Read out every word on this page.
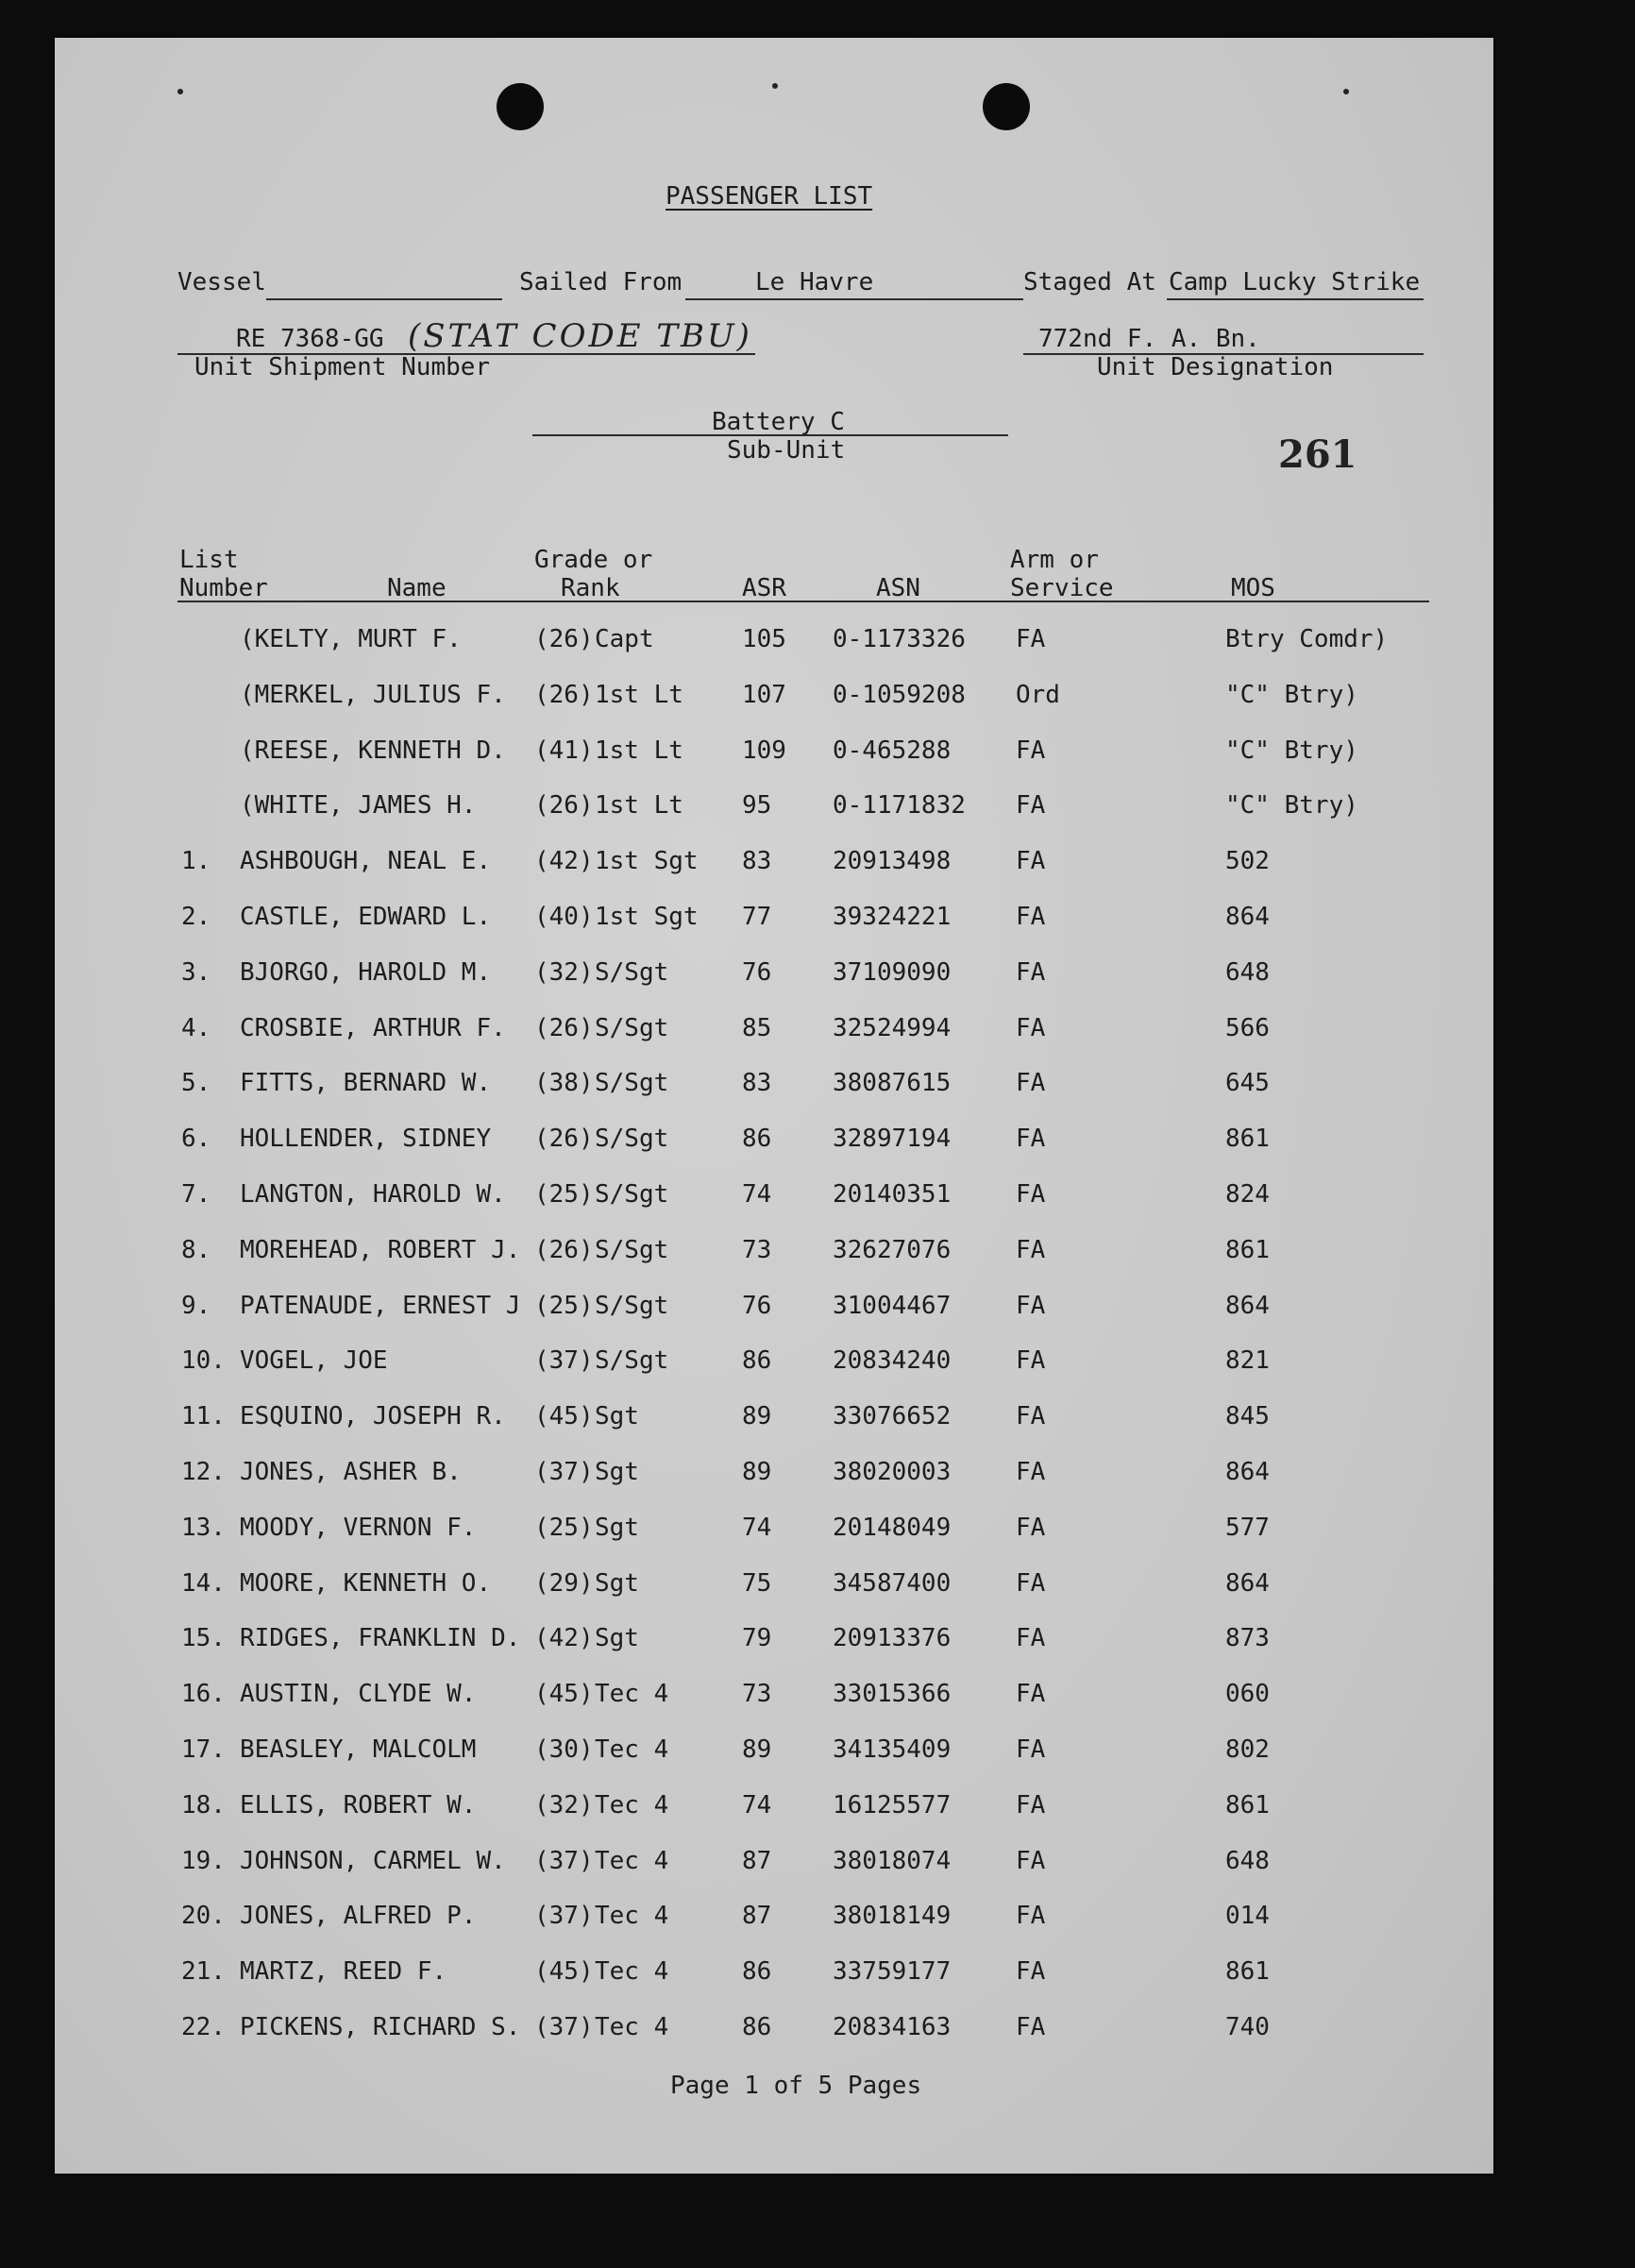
PASSENGER LIST
Vessel	Sailed From	Le Havre	Staged At Camp Lucky Strike
RE 7368-GG (STAT CODE TBU)
Unit Shipment Number
772nd F. A. Bn.
Unit Designation
Battery C
Sub-Unit	261
List
Number	Name
Grade or
Rank	ASR	ASN
Arm or
Service	MOS
(KELTY, MURT F.	(26) Capt	105 0-1173326 FA	Btry Comdr)
(MERKEL, JULIUS F. (26) 1st Lt 107 0-1059208 Ord	"C" Btry)
(REESE, KENNETH D. (41) 1st Lt 109 0-465288	FA	"C" Btry)
(WHITE, JAMES H. (26) 1st Lt 95 0-1171832 FA	"C" Btry)
1. ASHBOUGH, NEAL E. (42) 1st Sgt 83 20913498	FA	502
2. CASTLE, EDWARD L. (40) 1st Sgt 77 39324221	FA	864
3. BJORGO, HAROLD M. (32) S/Sgt	76 37109090	FA	648
4. CROSBIE, ARTHUR F. (26) S/Sgt	85 32524994	FA	566
5. FITTS, BERNARD W. (38) S/Sgt	83 38087615	FA	645
6. HOLLENDER, SIDNEY (26) S/Sgt	86 32897194	FA	861
7. LANGTON, HAROLD W. (25) S/Sgt	74 20140351	FA	824
8. MOREHEAD, ROBERT J. (26) S/Sgt	73 32627076	FA	861
9. PATENAUDE, ERNEST J (25) S/Sgt	76 31004467	FA	864
10. VOGEL, JOE	(37) S/Sgt	86 20834240	FA	821
11. ESQUINO, JOSEPH R. (45) Sgt	89 33076652	FA	845
12. JONES, ASHER B.	(37) Sgt	89 38020003	FA	864
13. MOODY, VERNON F. (25) Sgt	74 20148049	FA	577
14. MOORE, KENNETH O. (29) Sgt	75 34587400	FA	864
15. RIDGES, FRANKLIN D. (42) Sgt	79 20913376	FA	873
16. AUSTIN, CLYDE W. (45) Tec 4	73 33015366	FA	060
17. BEASLEY, MALCOLM (30) Tec 4	89 34135409	FA	802
18. ELLIS, ROBERT W. (32) Tec 4	74 16125577	FA	861
19. JOHNSON, CARMEL W. (37) Tec 4	87 38018074	FA	648
20. JONES, ALFRED P. (37) Tec 4	87 38018149	FA	014
21. MARTZ, REED F.	(45) Tec 4	86 33759177	FA	861
22. PICKENS, RICHARD S. (37) Tec 4	86 20834163	FA	740
Page 1 of 5 Pages
